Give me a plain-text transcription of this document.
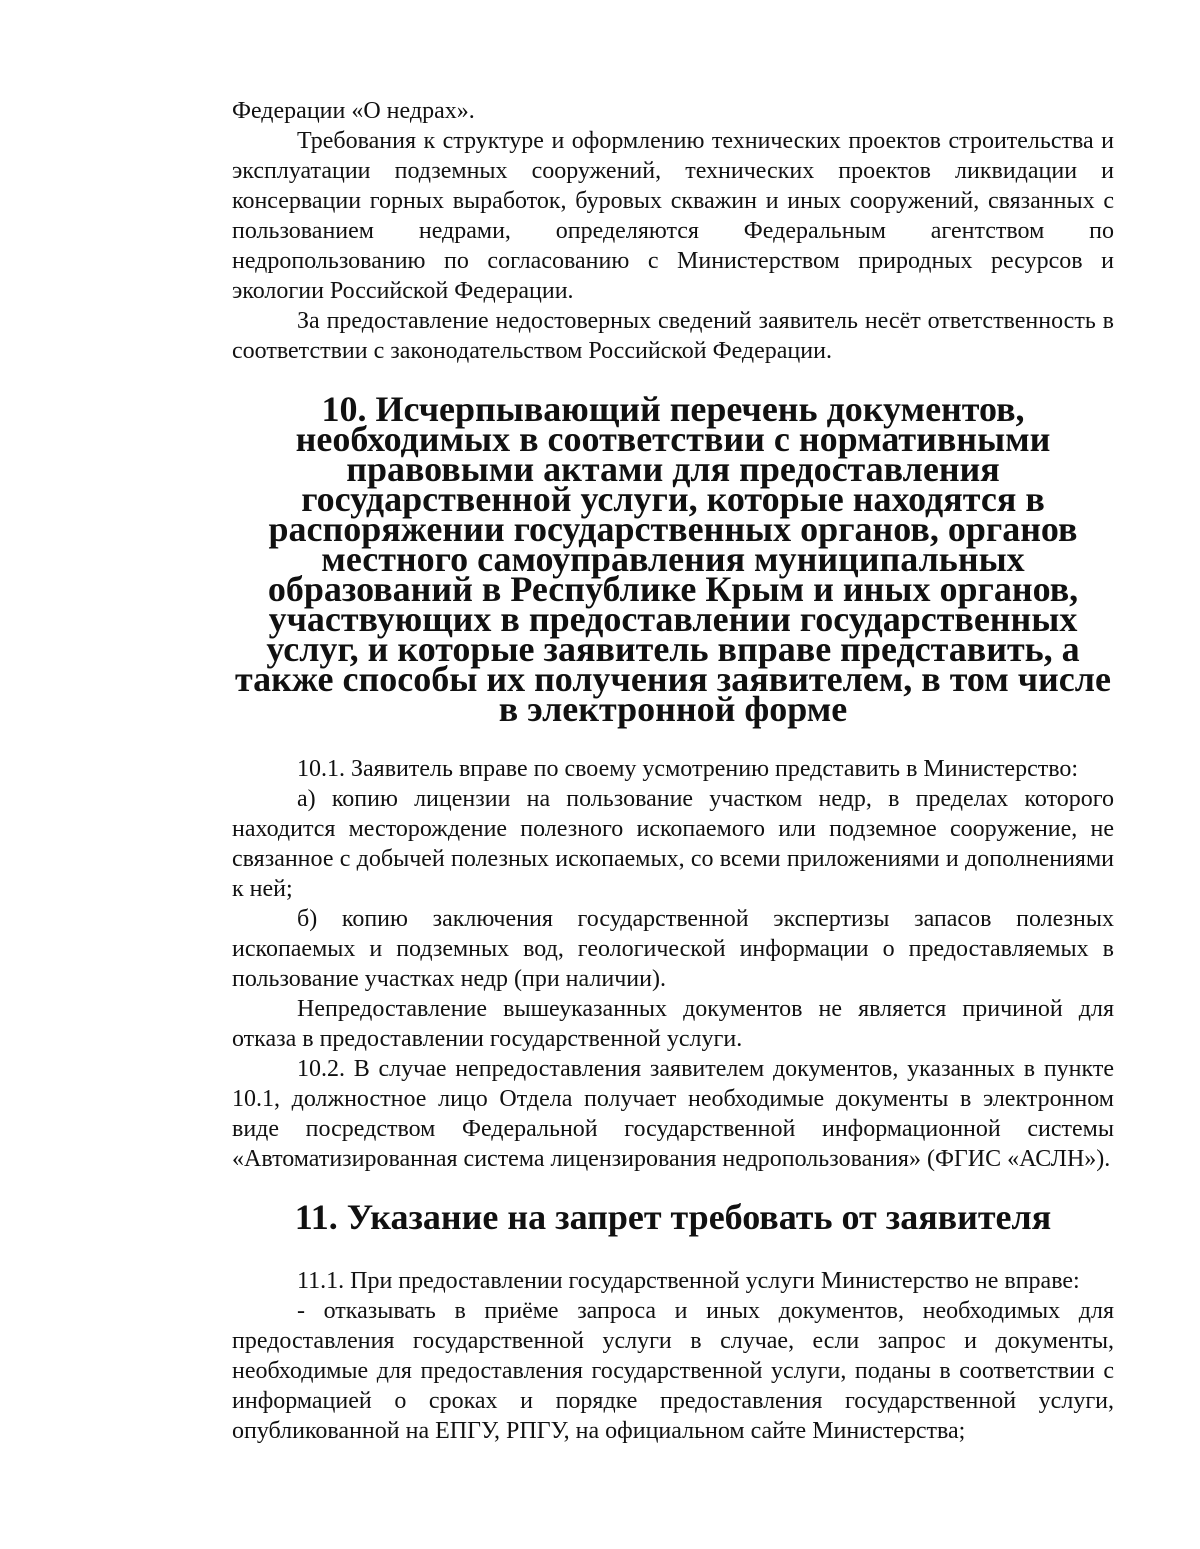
Федерации «О недрах».

Требования к структуре и оформлению технических проектов строительства и эксплуатации подземных сооружений, технических проектов ликвидации и консервации горных выработок, буровых скважин и иных сооружений, связанных с пользованием недрами, определяются Федеральным агентством по недропользованию по согласованию с Министерством природных ресурсов и экологии Российской Федерации.

За предоставление недостоверных сведений заявитель несёт ответственность в соответствии с законодательством Российской Федерации.

10. Исчерпывающий перечень документов, необходимых в соответствии с нормативными правовыми актами для предоставления государственной услуги, которые находятся в распоряжении государственных органов, органов местного самоуправления муниципальных образований в Республике Крым и иных органов, участвующих в предоставлении государственных услуг, и которые заявитель вправе представить, а также способы их получения заявителем, в том числе в электронной форме

10.1. Заявитель вправе по своему усмотрению представить в Министерство:

а) копию лицензии на пользование участком недр, в пределах которого находится месторождение полезного ископаемого или подземное сооружение, не связанное с добычей полезных ископаемых, со всеми приложениями и дополнениями к ней;

б) копию заключения государственной экспертизы запасов полезных ископаемых и подземных вод, геологической информации о предоставляемых в пользование участках недр (при наличии).

Непредоставление вышеуказанных документов не является причиной для отказа в предоставлении государственной услуги.

10.2. В случае непредоставления заявителем документов, указанных в пункте 10.1, должностное лицо Отдела получает необходимые документы в электронном виде посредством Федеральной государственной информационной системы «Автоматизированная система лицензирования недропользования» (ФГИС «АСЛН»).

11. Указание на запрет требовать от заявителя

11.1. При предоставлении государственной услуги Министерство не вправе:

- отказывать в приёме запроса и иных документов, необходимых для предоставления государственной услуги в случае, если запрос и документы, необходимые для предоставления государственной услуги, поданы в соответствии с информацией о сроках и порядке предоставления государственной услуги, опубликованной на ЕПГУ, РПГУ, на официальном сайте Министерства;
